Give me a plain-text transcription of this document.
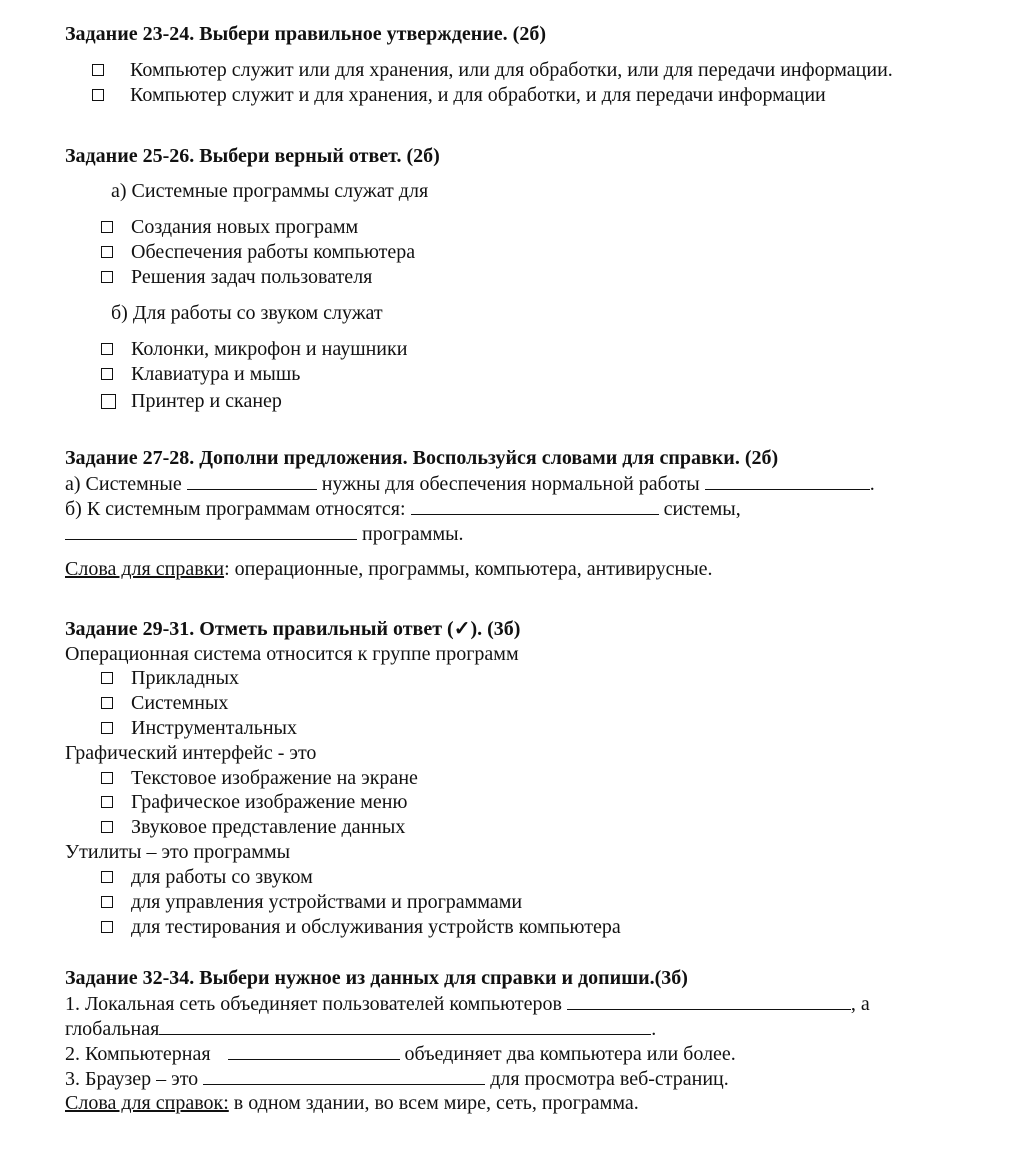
Задание 23-24. Выбери правильное утверждение. (2б)
Компьютер служит или для хранения, или для обработки, или для передачи информации.
Компьютер служит и для хранения, и для обработки, и для передачи информации
Задание 25-26. Выбери верный ответ. (2б)
а) Системные программы служат для
Создания новых программ
Обеспечения работы компьютера
Решения задач пользователя
б) Для работы со звуком служат
Колонки, микрофон и наушники
Клавиатура и мышь
Принтер и сканер
Задание 27-28. Дополни предложения. Воспользуйся словами для справки. (2б)
а) Системные	нужны для обеспечения нормальной работы	.
б) К системным программам относятся:	системы,
программы.
Слова для справки: операционные, программы, компьютера, антивирусные.
Задание 29-31. Отметь правильный ответ (✓). (3б)
Операционная система относится к группе программ
Прикладных
Системных
Инструментальных
Графический интерфейс - это
Текстовое изображение на экране
Графическое изображение меню
Звуковое представление данных
Утилиты – это программы
для работы со звуком
для управления устройствами и программами
для тестирования и обслуживания устройств компьютера
Задание 32-34. Выбери нужное из данных для справки и допиши.(3б)
1. Локальная сеть объединяет пользователей компьютеров	, а
глобальная	.
2. Компьютерная	объединяет два компьютера или более.
3. Браузер – это	для просмотра веб-страниц.
Слова для справок: в одном здании, во всем мире, сеть, программа.
